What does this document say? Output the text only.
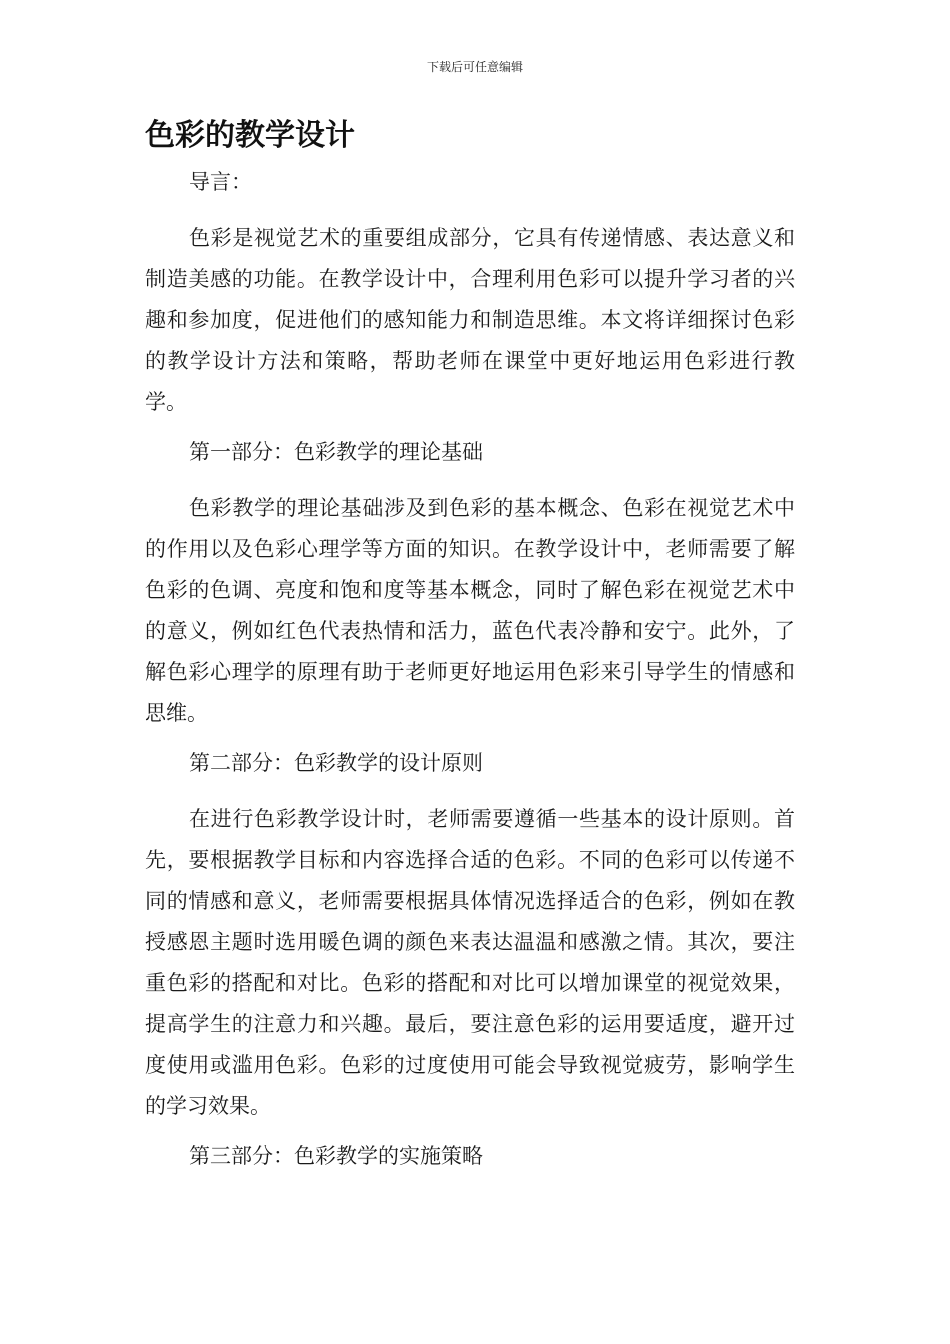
下载后可任意编辑
色彩的教学设计
导言：
色彩是视觉艺术的重要组成部分，它具有传递情感、表达意义和制造美感的功能。在教学设计中，合理利用色彩可以提升学习者的兴趣和参加度，促进他们的感知能力和制造思维。本文将详细探讨色彩的教学设计方法和策略，帮助老师在课堂中更好地运用色彩进行教学。
第一部分：色彩教学的理论基础
色彩教学的理论基础涉及到色彩的基本概念、色彩在视觉艺术中的作用以及色彩心理学等方面的知识。在教学设计中，老师需要了解色彩的色调、亮度和饱和度等基本概念，同时了解色彩在视觉艺术中的意义，例如红色代表热情和活力，蓝色代表冷静和安宁。此外，了解色彩心理学的原理有助于老师更好地运用色彩来引导学生的情感和思维。
第二部分：色彩教学的设计原则
在进行色彩教学设计时，老师需要遵循一些基本的设计原则。首先，要根据教学目标和内容选择合适的色彩。不同的色彩可以传递不同的情感和意义，老师需要根据具体情况选择适合的色彩，例如在教授感恩主题时选用暖色调的颜色来表达温温和感激之情。其次，要注重色彩的搭配和对比。色彩的搭配和对比可以增加课堂的视觉效果，提高学生的注意力和兴趣。最后，要注意色彩的运用要适度，避开过度使用或滥用色彩。色彩的过度使用可能会导致视觉疲劳，影响学生的学习效果。
第三部分：色彩教学的实施策略
